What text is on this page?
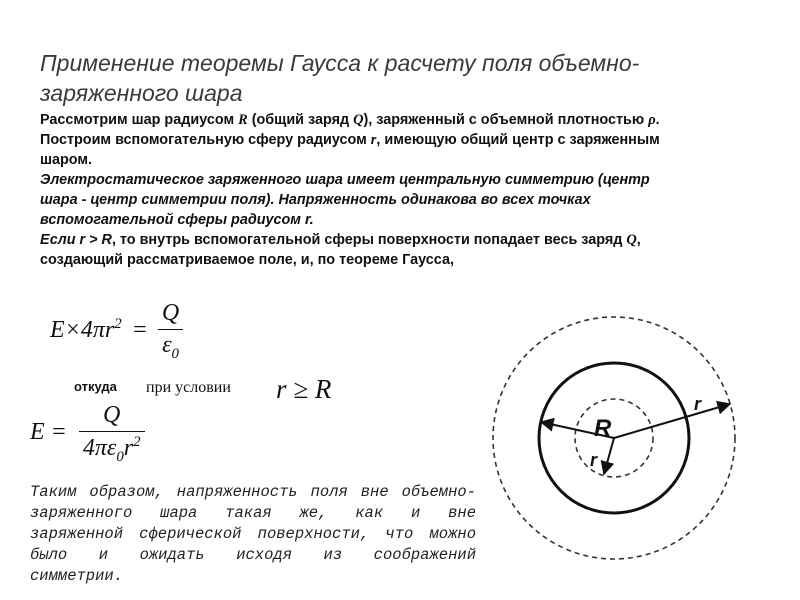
Применение теоремы Гаусса к расчету поля объемно-
заряженного шара
Рассмотрим шар радиусом R (общий заряд Q), заряженный с объемной плотностью ρ.
Построим вспомогательную сферу радиусом r, имеющую общий центр с заряженным шаром.
Электростатическое заряженного шара имеет центральную симметрию (центр шара - центр симметрии поля). Напряженность одинакова во всех точках вспомогательной сферы радиусом r.
Если r > R, то внутрь вспомогательной сферы поверхности попадает весь заряд Q, создающий рассматриваемое поле, и, по теореме Гаусса,
$E\times 4\pi r^2 = \frac{Q}{\varepsilon_0}$
откуда при условии r ≥ R
$E = \frac{Q}{4\pi\varepsilon_0r^2}$
Таким образом, напряженность поля вне объемно-
заряженного шара такая же, как и вне
заряженной сферической поверхности, что можно
было и ожидать исходя из соображений
симметрии.
R
r
r
